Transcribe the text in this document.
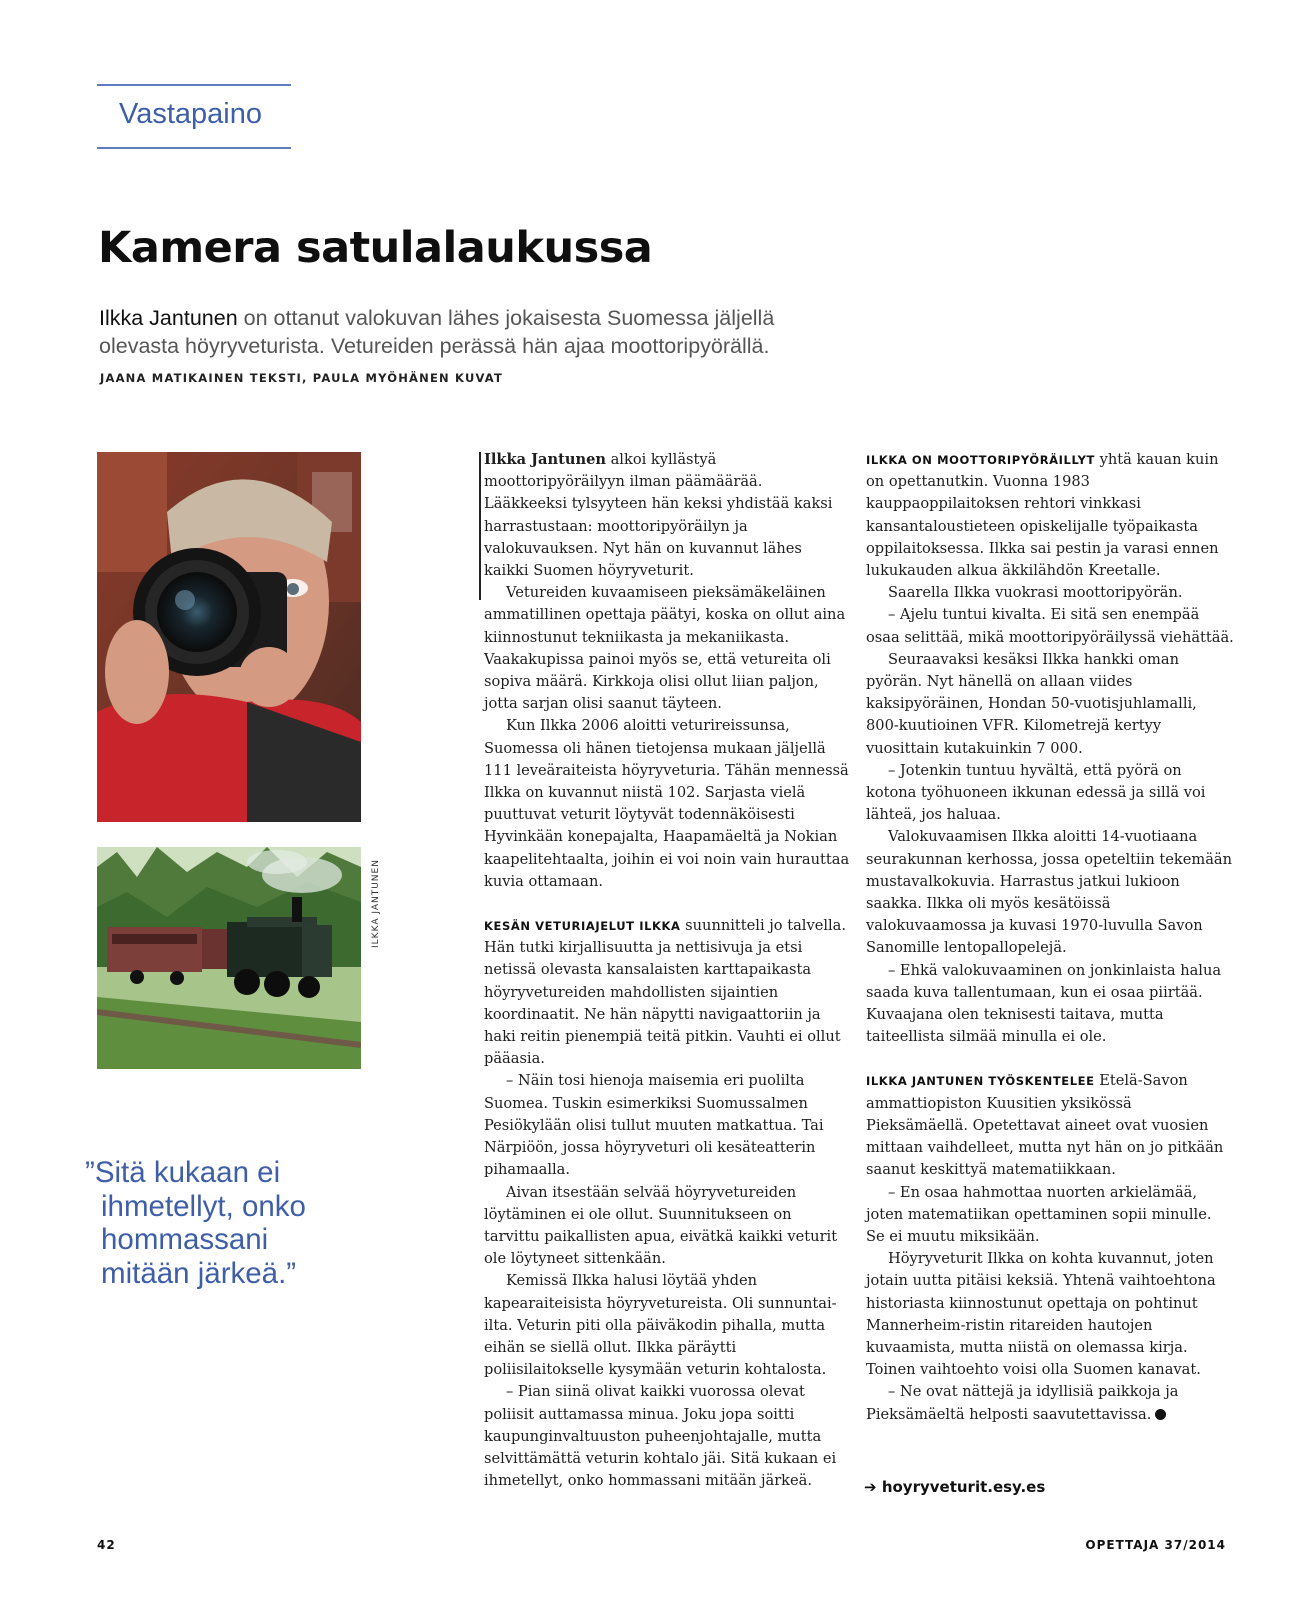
Vastapaino
Kamera satulalaukussa
Ilkka Jantunen on ottanut valokuvan lähes jokaisesta Suomessa jäljellä olevasta höyryveturista. Vetureiden perässä hän ajaa moottoripyörällä.
JAANA MATIKAINEN TEKSTI, PAULA MYÖHÄNEN KUVAT
ILKKA JANTUNEN
”Sitä kukaan ei
ihmetellyt, onko
hommassani
mitään järkeä.”

Ilkka Jantunen alkoi kyllästyä moottoripyöräilyyn ilman päämäärää. Lääkkeeksi tylsyyteen hän keksi yhdistää kaksi harrastustaan: moottoripyöräilyn ja valokuvauksen. Nyt hän on kuvannut lähes kaikki Suomen höyryveturit.

Vetureiden kuvaamiseen pieksämäkeläinen ammatillinen opettaja päätyi, koska on ollut aina kiinnostunut tekniikasta ja mekaniikasta. Vaakakupissa painoi myös se, että vetureita oli sopiva määrä. Kirkkoja olisi ollut liian paljon, jotta sarjan olisi saanut täyteen.

Kun Ilkka 2006 aloitti veturireissunsa, Suomessa oli hänen tietojensa mukaan jäljellä 111 leveäraiteista höyryveturia. Tähän mennessä Ilkka on kuvannut niistä 102. Sarjasta vielä puuttuvat veturit löytyvät todennäköisesti Hyvinkään konepajalta, Haapamäeltä ja Nokian kaapelitehtaalta, joihin ei voi noin vain hurauttaa kuvia ottamaan.

KESÄN VETURIAJELUT ILKKA suunnitteli jo talvella. Hän tutki kirjallisuutta ja nettisivuja ja etsi netissä olevasta kansalaisten karttapaikasta höyryvetureiden mahdollisten sijaintien koordinaatit. Ne hän näpytti navigaattoriin ja haki reitin pienempiä teitä pitkin. Vauhti ei ollut pääasia.

– Näin tosi hienoja maisemia eri puolilta Suomea. Tuskin esimerkiksi Suomussalmen Pesiökylään olisi tullut muuten matkattua. Tai Närpiöön, jossa höyryveturi oli kesäteatterin pihamaalla.

Aivan itsestään selvää höyryvetureiden löytäminen ei ole ollut. Suunnitukseen on tarvittu paikallisten apua, eivätkä kaikki veturit ole löytyneet sittenkään.

Kemissä Ilkka halusi löytää yhden kapearaiteisista höyryvetureista. Oli sunnuntai-ilta. Veturin piti olla päiväkodin pihalla, mutta eihän se siellä ollut. Ilkka päräytti poliisilaitokselle kysymään veturin kohtalosta.

– Pian siinä olivat kaikki vuorossa olevat poliisit auttamassa minua. Joku jopa soitti kaupunginvaltuuston puheenjohtajalle, mutta selvittämättä veturin kohtalo jäi. Sitä kukaan ei ihmetellyt, onko hommassani mitään järkeä.

ILKKA ON MOOTTORIPYÖRÄILLYT yhtä kauan kuin on opettanutkin. Vuonna 1983 kauppaoppilaitoksen rehtori vinkkasi kansantaloustieteen opiskelijalle työpaikasta oppilaitoksessa. Ilkka sai pestin ja varasi ennen lukukauden alkua äkkilähdön Kreetalle.

Saarella Ilkka vuokrasi moottoripyörän.

– Ajelu tuntui kivalta. Ei sitä sen enempää osaa selittää, mikä moottoripyöräilyssä viehättää.

Seuraavaksi kesäksi Ilkka hankki oman pyörän. Nyt hänellä on allaan viides kaksipyöräinen, Hondan 50-vuotisjuhlamalli, 800-kuutioinen VFR. Kilometrejä kertyy vuosittain kutakuinkin 7 000.

– Jotenkin tuntuu hyvältä, että pyörä on kotona työhuoneen ikkunan edessä ja sillä voi lähteä, jos haluaa.

Valokuvaamisen Ilkka aloitti 14-vuotiaana seurakunnan kerhossa, jossa opeteltiin tekemään mustavalkokuvia. Harrastus jatkui lukioon saakka. Ilkka oli myös kesätöissä valokuvaamossa ja kuvasi 1970-luvulla Savon Sanomille lentopallopelejä.

– Ehkä valokuvaaminen on jonkinlaista halua saada kuva tallentumaan, kun ei osaa piirtää. Kuvaajana olen teknisesti taitava, mutta taiteellista silmää minulla ei ole.

ILKKA JANTUNEN TYÖSKENTELEE Etelä-Savon ammattiopiston Kuusitien yksikössä Pieksämäellä. Opetettavat aineet ovat vuosien mittaan vaihdelleet, mutta nyt hän on jo pitkään saanut keskittyä matematiikkaan.

– En osaa hahmottaa nuorten arkielämää, joten matematiikan opettaminen sopii minulle. Se ei muutu miksikään.

Höyryveturit Ilkka on kohta kuvannut, joten jotain uutta pitäisi keksiä. Yhtenä vaihtoehtona historiasta kiinnostunut opettaja on pohtinut Mannerheim-ristin ritareiden hautojen kuvaamista, mutta niistä on olemassa kirja. Toinen vaihtoehto voisi olla Suomen kanavat.

– Ne ovat nättejä ja idyllisiä paikkoja ja Pieksämäeltä helposti saavutettavissa.

➔ hoyryveturit.esy.es
42	OPETTAJA 37/2014
